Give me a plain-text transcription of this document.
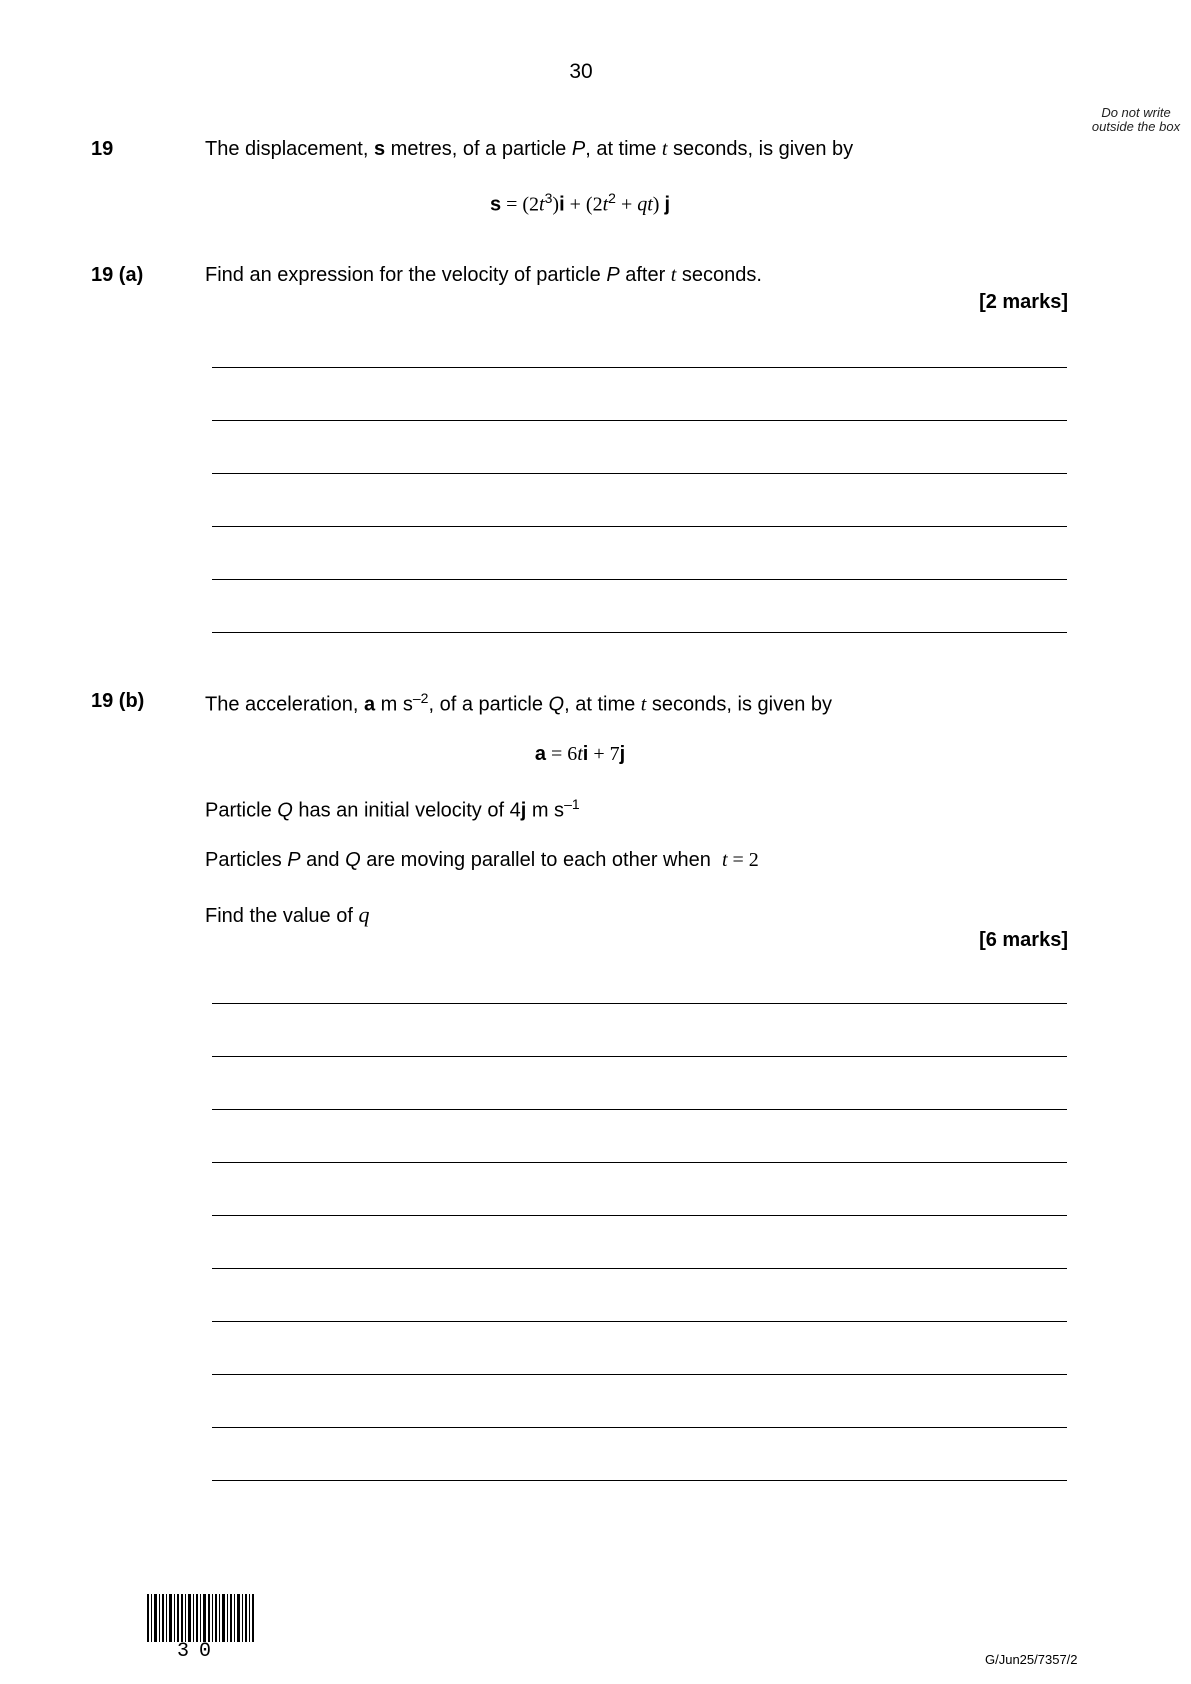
30
Do not write outside the box
19	The displacement, s metres, of a particle P, at time t seconds, is given by
$s = (2t^3)i + (2t^2 + qt)$ j
19 (a)	Find an expression for the velocity of particle P after t seconds.
[2 marks]
19 (b)	The acceleration, a m $s^{-2}$, of a particle Q, at time t seconds, is given by
a = 6ti + 7j
Particle Q has an initial velocity of 4j m $s^{-1}$
Particles P and Q are moving parallel to each other when  t = 2
Find the value of q
[6 marks]
30	G/Jun25/7357/2
